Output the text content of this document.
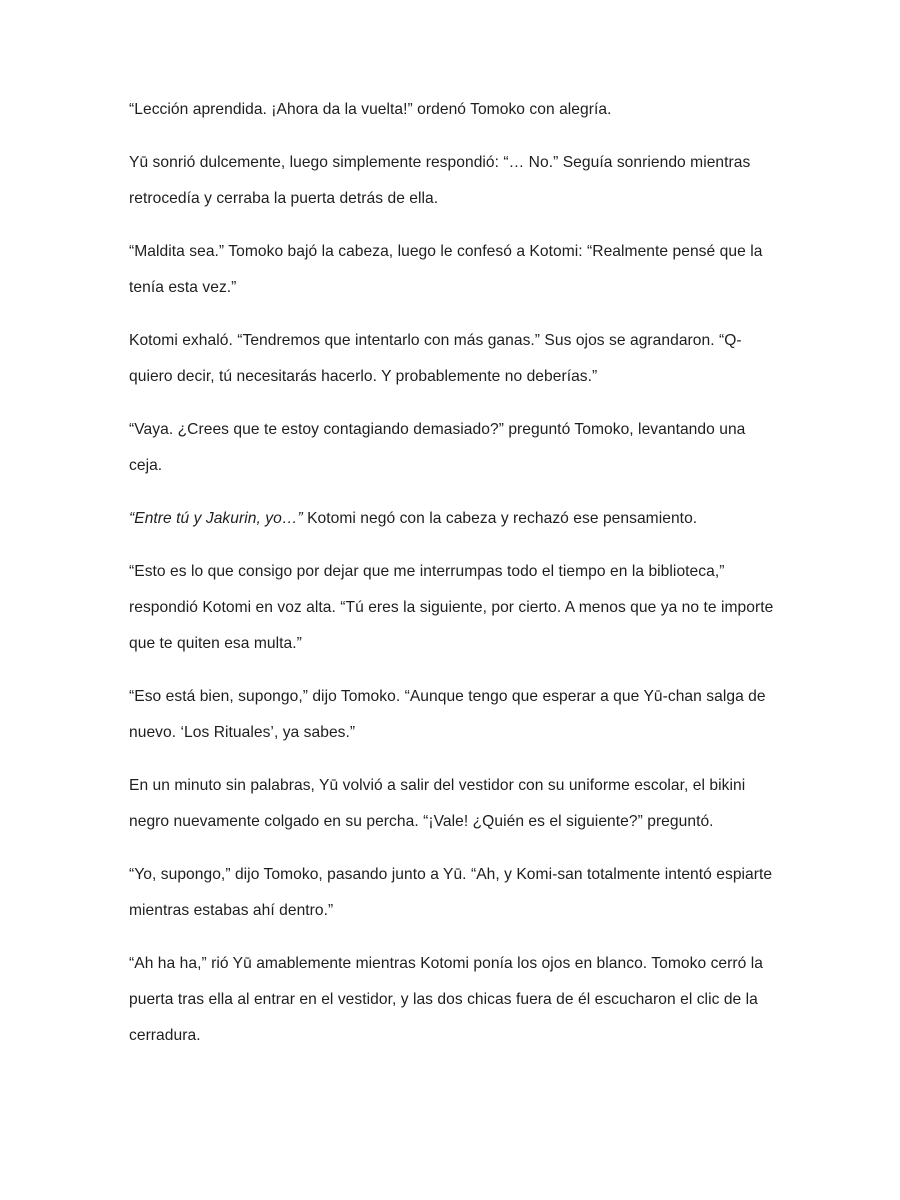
“Lección aprendida. ¡Ahora da la vuelta!” ordenó Tomoko con alegría.

Yū sonrió dulcemente, luego simplemente respondió: “… No.” Seguía sonriendo mientras retrocedía y cerraba la puerta detrás de ella.

“Maldita sea.” Tomoko bajó la cabeza, luego le confesó a Kotomi: “Realmente pensé que la tenía esta vez.”

Kotomi exhaló. “Tendremos que intentarlo con más ganas.” Sus ojos se agrandaron. “Q-quiero decir, tú necesitarás hacerlo. Y probablemente no deberías.”

“Vaya. ¿Crees que te estoy contagiando demasiado?” preguntó Tomoko, levantando una ceja.

“Entre tú y Jakurin, yo…” Kotomi negó con la cabeza y rechazó ese pensamiento.

“Esto es lo que consigo por dejar que me interrumpas todo el tiempo en la biblioteca,” respondió Kotomi en voz alta. “Tú eres la siguiente, por cierto. A menos que ya no te importe que te quiten esa multa.”

“Eso está bien, supongo,” dijo Tomoko. “Aunque tengo que esperar a que Yū-chan salga de nuevo. ‘Los Rituales’, ya sabes.”

En un minuto sin palabras, Yū volvió a salir del vestidor con su uniforme escolar, el bikini negro nuevamente colgado en su percha. “¡Vale! ¿Quién es el siguiente?” preguntó.

“Yo, supongo,” dijo Tomoko, pasando junto a Yū. “Ah, y Komi-san totalmente intentó espiarte mientras estabas ahí dentro.”

“Ah ha ha,” rió Yū amablemente mientras Kotomi ponía los ojos en blanco. Tomoko cerró la puerta tras ella al entrar en el vestidor, y las dos chicas fuera de él escucharon el clic de la cerradura.
